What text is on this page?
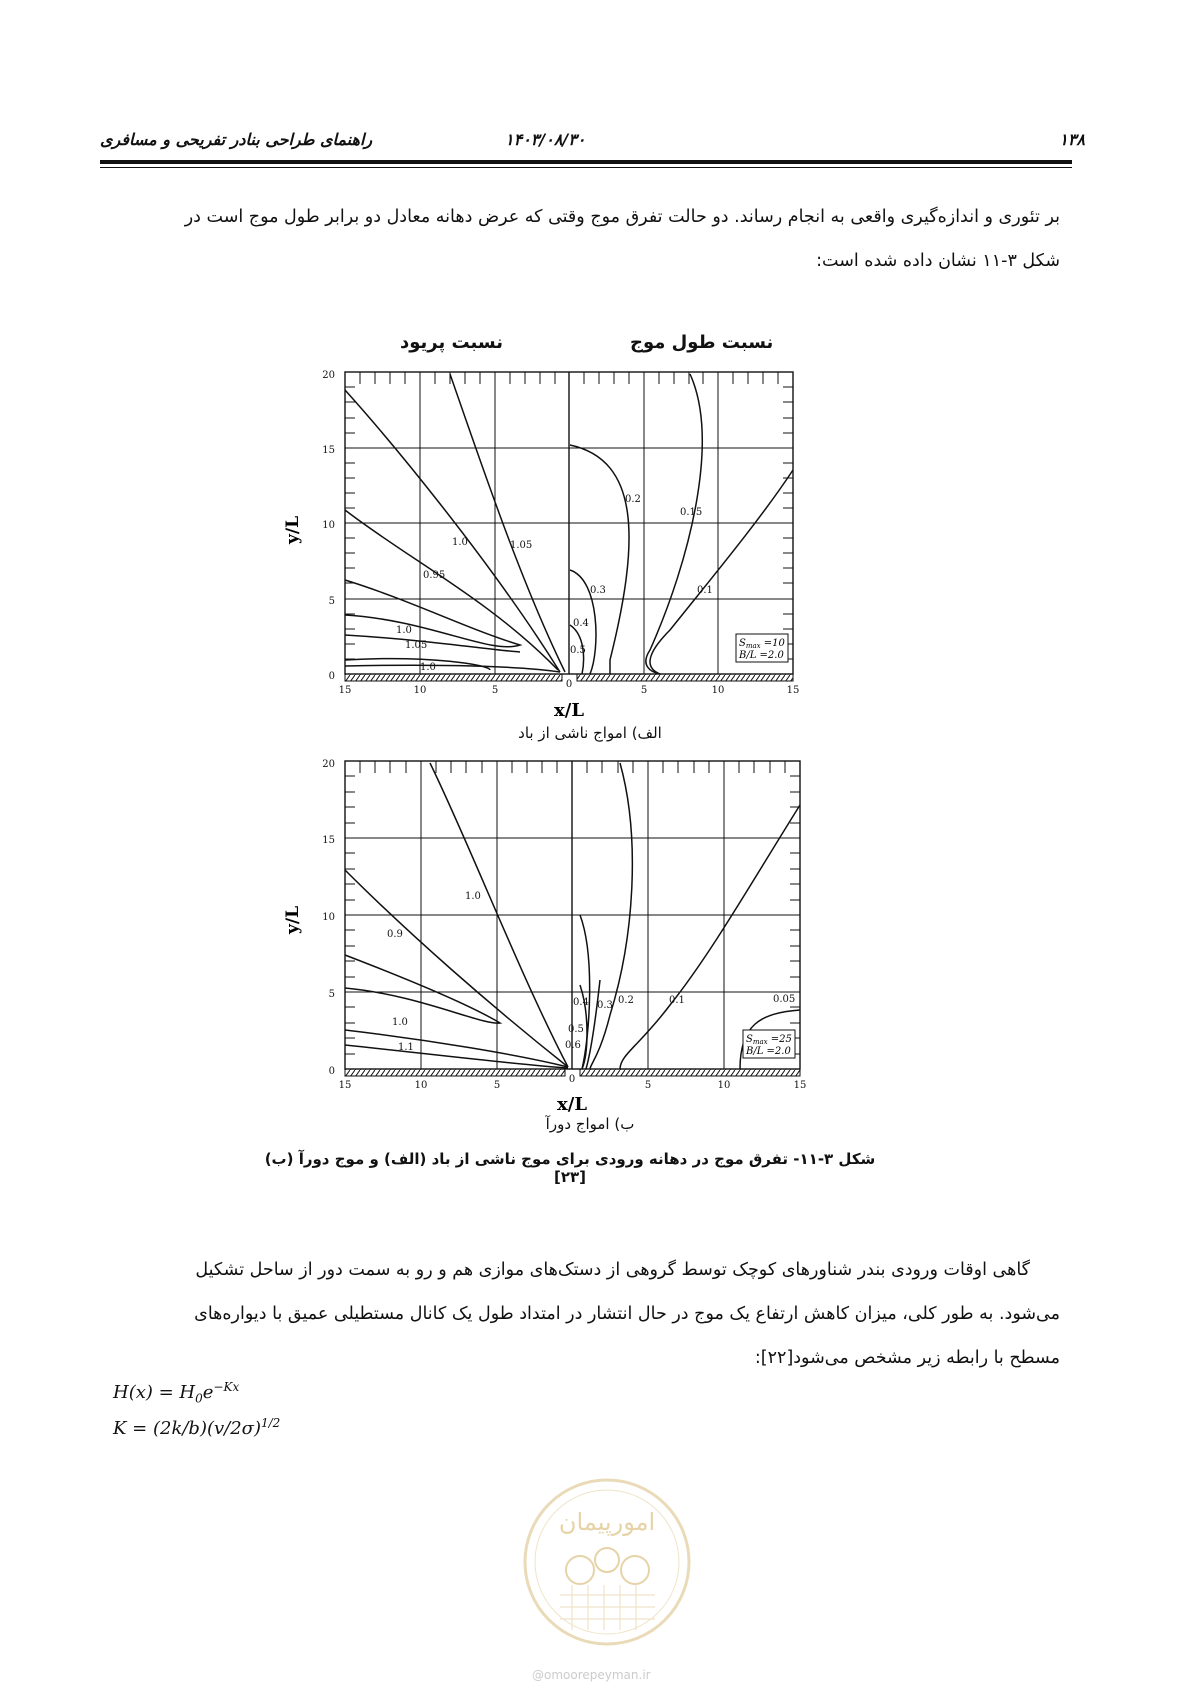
راهنمای طراحی بنادر تفریحی و مسافری	۱۴۰۳/۰۸/۳۰	۱۳۸

بر تئوری و اندازه‌گیری واقعی به انجام رساند. دو حالت تفرق موج وقتی که عرض دهانه معادل دو برابر طول موج است در

شکل ۳-۱۱ نشان داده شده است:

نسبت پریود	نسبت طول موج
20
15
10
5
0
1.0
0.95
1.05
1.0
1.05
1.0
0.2
0.15
0.3	0.1
0.4
0.5
15	10	5
0
5	10	15
$S_{max} =10$
B/L =2.0
y/L
x/L
الف) امواج ناشی از باد
20
15
10
5
0
1.0
0.9
1.0
1.1
0.4 0.3 0.2	0.1	0.05
0.5
0.6
15	10	5
0
5	10	15
$S_{max} =25$
B/L =2.0
y/L
x/L
ب) امواج دورآ
شکل ۳-۱۱- تفرق موج در دهانه ورودی برای موج ناشی از باد (الف) و موج دورآ (ب)[۲۳]

گاهی اوقات ورودی بندر شناورهای کوچک توسط گروهی از دستک‌های موازی هم و رو به سمت دور از ساحل تشکیل

می‌شود. به طور کلی، میزان کاهش ارتفاع یک موج در حال انتشار در امتداد طول یک کانال مستطیلی عمیق با دیواره‌های

مسطح با رابطه زیر مشخص می‌شود[۲۲]:

$H(x) = H_0e^{-Kx}$
$K = (2k/b)(v/2\sigma)^{1/2}$
امورپیمان
@omoorepeyman.ir
